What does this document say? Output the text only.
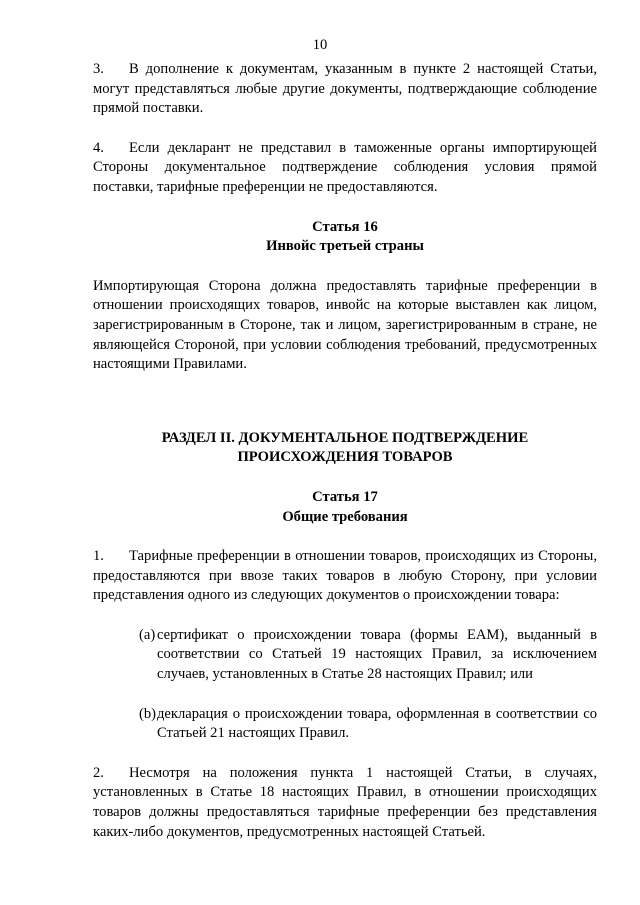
10

3. В дополнение к документам, указанным в пункте 2 настоящей Статьи, могут представляться любые другие документы, подтверждающие соблюдение прямой поставки.

4. Если декларант не представил в таможенные органы импортирующей Стороны документальное подтверждение соблюдения условия прямой поставки, тарифные преференции не предоставляются.

Статья 16

Инвойс третьей страны

Импортирующая Сторона должна предоставлять тарифные преференции в отношении происходящих товаров, инвойс на которые выставлен как лицом, зарегистрированным в Стороне, так и лицом, зарегистрированным в стране, не являющейся Стороной, при условии соблюдения требований, предусмотренных настоящими Правилами.

РАЗДЕЛ II. ДОКУМЕНТАЛЬНОЕ ПОДТВЕРЖДЕНИЕ

ПРОИСХОЖДЕНИЯ ТОВАРОВ

Статья 17

Общие требования

1. Тарифные преференции в отношении товаров, происходящих из Стороны, предоставляются при ввозе таких товаров в любую Сторону, при условии представления одного из следующих документов о происхождении товара:

(a) сертификат о происхождении товара (формы ЕАМ), выданный в соответствии со Статьей 19 настоящих Правил, за исключением случаев, установленных в Статье 28 настоящих Правил; или
(b) декларация о происхождении товара, оформленная в соответствии со Статьей 21 настоящих Правил.

2. Несмотря на положения пункта 1 настоящей Статьи, в случаях, установленных в Статье 18 настоящих Правил, в отношении происходящих товаров должны предоставляться тарифные преференции без представления каких-либо документов, предусмотренных настоящей Статьей.
